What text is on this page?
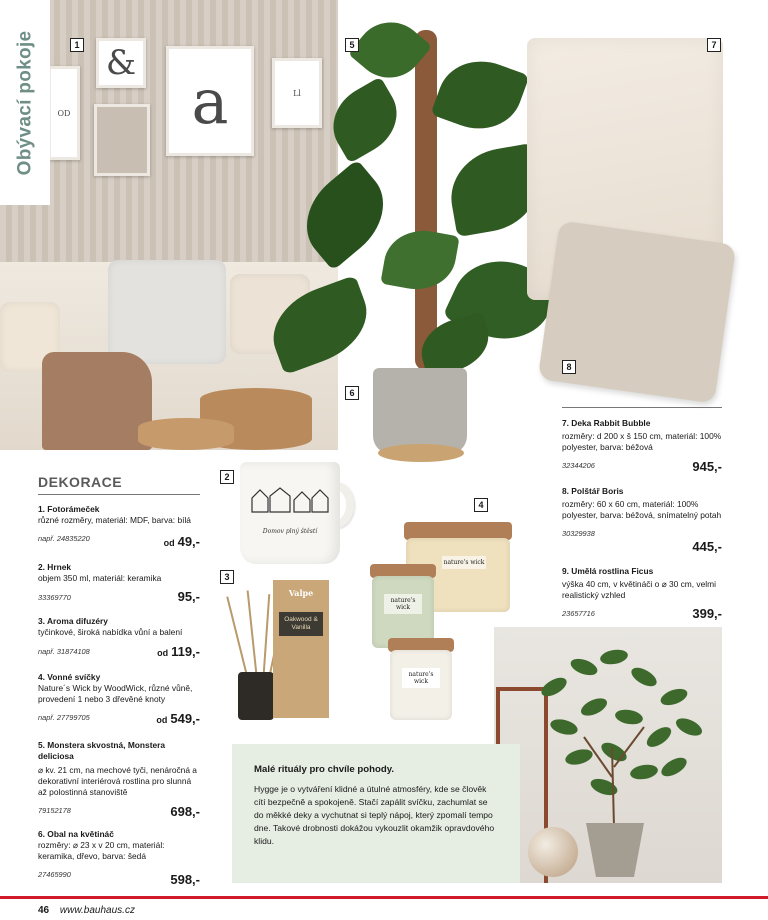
&
a
OD
Ll
Obývací pokoje	1	5	7
8
6
2
4
3
DEKORACE
1. Fotorámeček
různé rozměry, materiál: MDF, barva: bílá
např. 24835220	od 49,-
2. Hrnek
objem 350 ml, materiál: keramika
33369770	95,-
3. Aroma difuzéry
tyčinkové, široká nabídka vůní a balení
např. 31874108	od 119,-
4. Vonné svíčky
Nature´s Wick by WoodWick, různé vůně, provedení 1 nebo 3 dřevěné knoty
např. 27799705	od 549,-
5. Monstera skvostná, Monstera deliciosa
⌀ kv. 21 cm, na mechové tyči, nenáročná a dekorativní interiérová rostlina pro slunná až polostinná stanoviště
79152178	698,-
6. Obal na květináč
rozměry: ⌀ 23 x v 20 cm, materiál: keramika, dřevo, barva: šedá
27465990	598,-
Domov plný štěstí
Valpe
Oakwood & Vanilla
nature's wick
nature's wick
nature's wick
7. Deka Rabbit Bubble
rozměry: d 200 x š 150 cm, materiál: 100% polyester, barva: béžová
32344206	945,-
8. Polštář Boris
rozměry: 60 x 60 cm, materiál: 100% polyester, barva: béžová, snímatelný potah
30329938
445,-
9. Umělá rostlina Ficus
výška 40 cm, v květináči o ⌀ 30 cm, velmi realistický vzhled
23657716	399,-
Malé rituály pro chvíle pohody.
Hygge je o vytváření klidné a útulné atmosféry, kde se člověk cítí bezpečně a spokojeně. Stačí zapálit svíčku, zachumlat se do měkké deky a vychutnat si teplý nápoj, který zpomalí tempo dne. Takové drobnosti dokážou vykouzlit okamžik opravdového klidu.
46 www.bauhaus.cz
